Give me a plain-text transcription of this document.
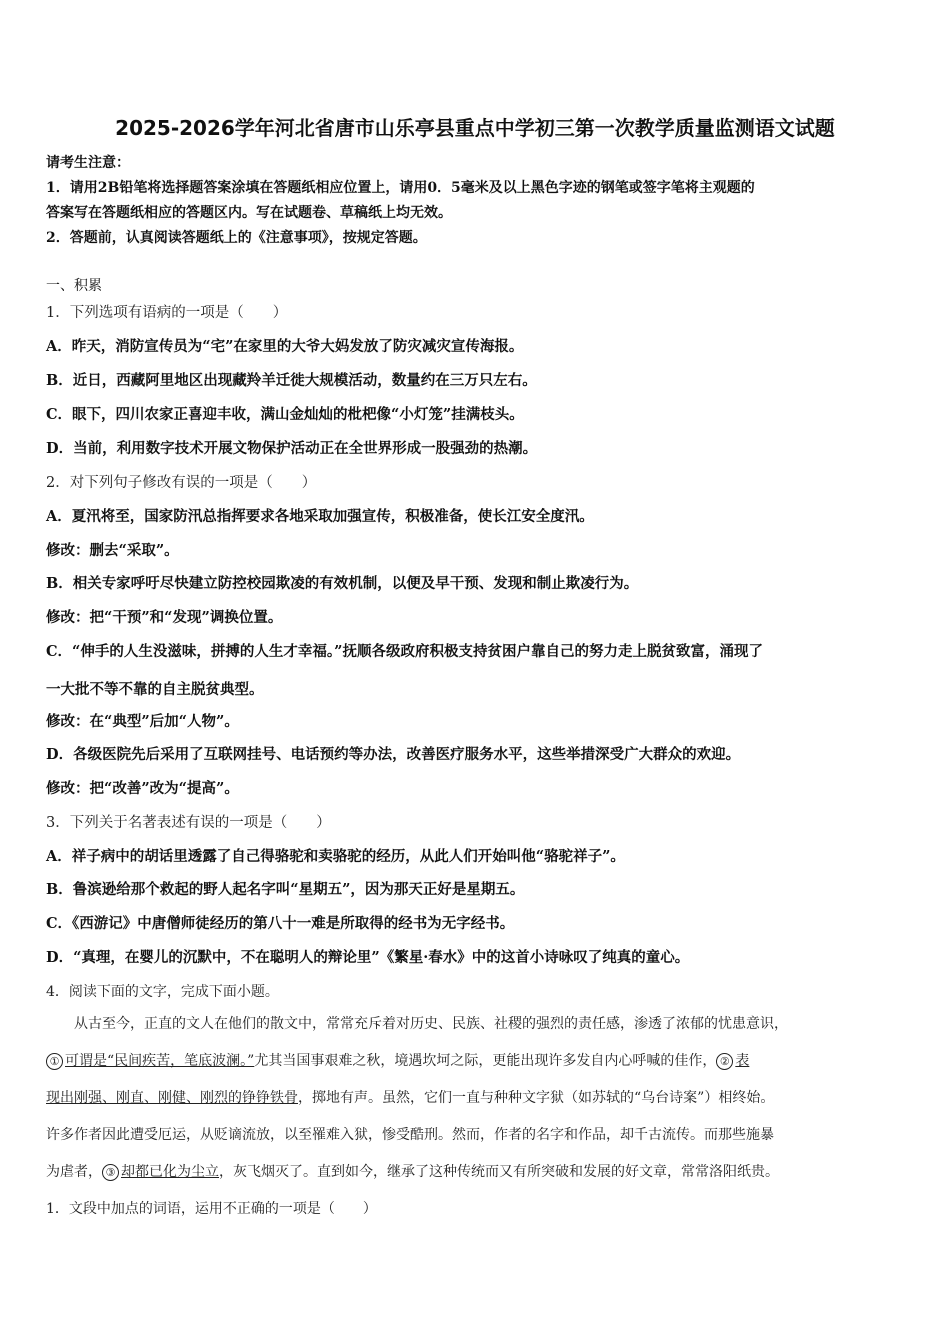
2025-2026学年河北省唐市山乐亭县重点中学初三第一次教学质量监测语文试题
请考生注意：
1．请用2B铅笔将选择题答案涂填在答题纸相应位置上，请用0．5毫米及以上黑色字迹的钢笔或签字笔将主观题的
答案写在答题纸相应的答题区内。写在试题卷、草稿纸上均无效。
2．答题前，认真阅读答题纸上的《注意事项》，按规定答题。
一、积累
1．下列选项有语病的一项是（　　）
A．昨天，消防宣传员为“宅”在家里的大爷大妈发放了防灾减灾宣传海报。
B．近日，西藏阿里地区出现藏羚羊迁徙大规模活动，数量约在三万只左右。
C．眼下，四川农家正喜迎丰收，满山金灿灿的枇杷像“小灯笼”挂满枝头。
D．当前，利用数字技术开展文物保护活动正在全世界形成一股强劲的热潮。
2．对下列句子修改有误的一项是（　　）
A．夏汛将至，国家防汛总指挥要求各地采取加强宣传，积极准备，使长江安全度汛。
修改：删去“采取”。
B．相关专家呼吁尽快建立防控校园欺凌的有效机制，以便及早干预、发现和制止欺凌行为。
修改：把“干预”和“发现”调换位置。
C．“伸手的人生没滋味，拼搏的人生才幸福。”抚顺各级政府积极支持贫困户靠自己的努力走上脱贫致富，涌现了
一大批不等不靠的自主脱贫典型。
修改：在“典型”后加“人物”。
D．各级医院先后采用了互联网挂号、电话预约等办法，改善医疗服务水平，这些举措深受广大群众的欢迎。
修改：把“改善”改为“提高”。
3．下列关于名著表述有误的一项是（　　）
A．祥子病中的胡话里透露了自己得骆驼和卖骆驼的经历，从此人们开始叫他“骆驼祥子”。
B．鲁滨逊给那个救起的野人起名字叫“星期五”，因为那天正好是星期五。
C．《西游记》中唐僧师徒经历的第八十一难是所取得的经书为无字经书。
D．“真理，在婴儿的沉默中，不在聪明人的辩论里”《繁星·春水》中的这首小诗咏叹了纯真的童心。
4．阅读下面的文字，完成下面小题。
　　从古至今，正直的文人在他们的散文中，常常充斥着对历史、民族、社稷的强烈的责任感，渗透了浓郁的忧患意识，
① 可谓是“民间疾苦，笔底波澜。”尤其当国事艰难之秋，境遇坎坷之际，更能出现许多发自内心呼喊的佳作， ② 表
现出刚强、刚直、刚健、刚烈的铮铮铁骨，掷地有声。虽然，它们一直与种种文字狱（如苏轼的“乌台诗案”）相终始。
许多作者因此遭受厄运，从贬谪流放，以至罹难入狱，惨受酷刑。然而，作者的名字和作品，却千古流传。而那些施暴
为虐者， ③ 却都已化为尘立，灰飞烟灭了。直到如今，继承了这种传统而又有所突破和发展的好文章，常常洛阳纸贵。
1．文段中加点的词语，运用不正确的一项是（　　）
